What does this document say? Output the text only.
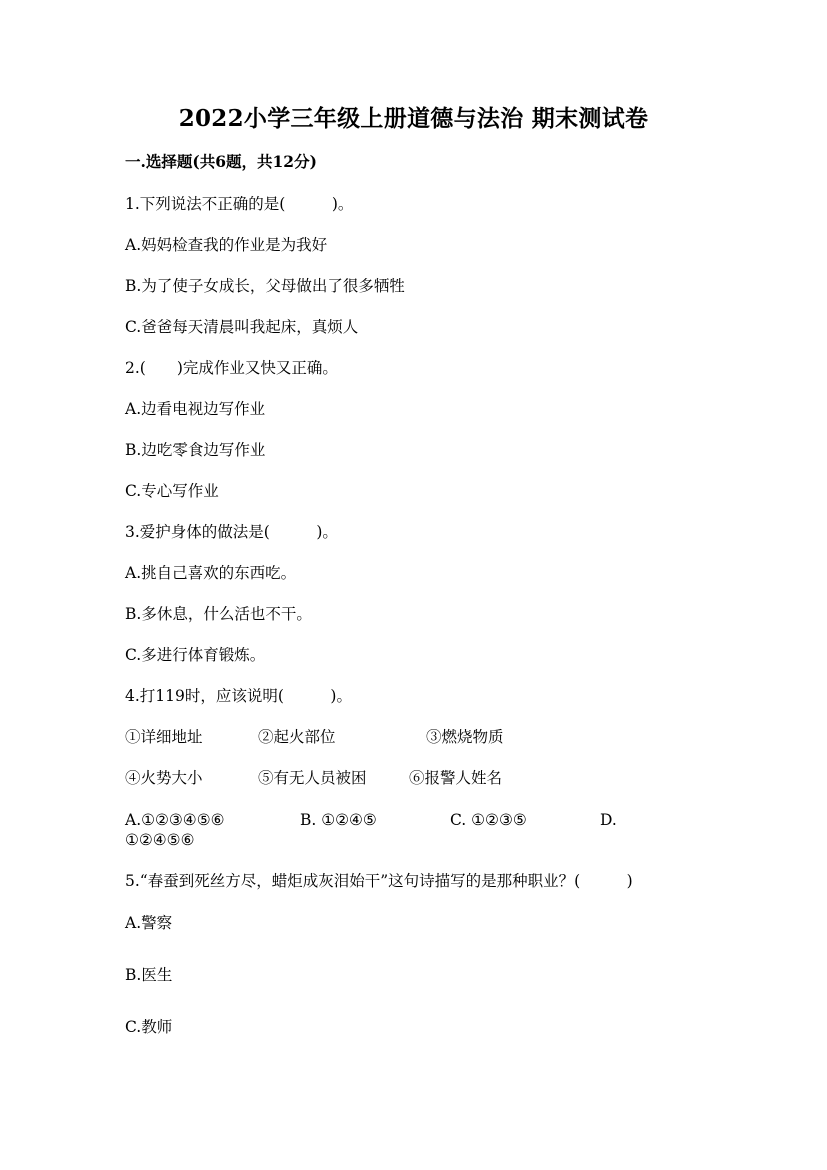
2022小学三年级上册道德与法治 期末测试卷
一.选择题(共6题，共12分)
1.下列说法不正确的是(　　　)。
A.妈妈检查我的作业是为我好
B.为了使子女成长，父母做出了很多牺牲
C.爸爸每天清晨叫我起床，真烦人
2.(　　)完成作业又快又正确。
A.边看电视边写作业
B.边吃零食边写作业
C.专心写作业
3.爱护身体的做法是(　　　)。
A.挑自己喜欢的东西吃。
B.多休息，什么活也不干。
C.多进行体育锻炼。
4.打119时，应该说明(　　　)。
①详细地址	②起火部位	③燃烧物质
④火势大小	⑤有无人员被困	⑥报警人姓名
A.①②③④⑤⑥	B. ①②④⑤	C. ①②③⑤	D.
①②④⑤⑥
5.“春蚕到死丝方尽，蜡炬成灰泪始干”这句诗描写的是那种职业？(　　　)
A.警察
B.医生
C.教师
